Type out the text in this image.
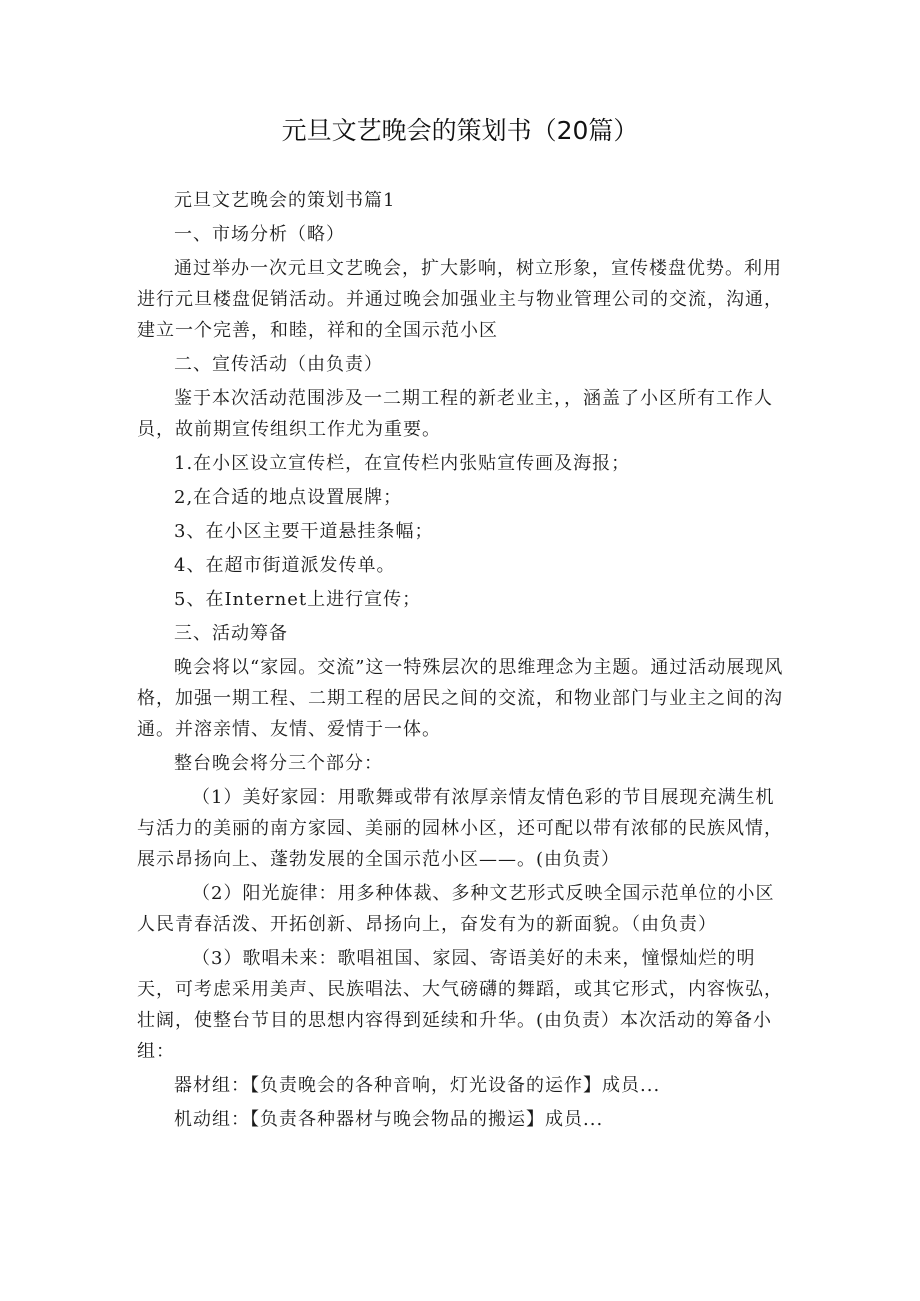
元旦文艺晚会的策划书（20篇）

元旦文艺晚会的策划书篇1

一、市场分析（略）

通过举办一次元旦文艺晚会，扩大影响，树立形象，宣传楼盘优势。利用进行元旦楼盘促销活动。并通过晚会加强业主与物业管理公司的交流，沟通，建立一个完善，和睦，祥和的全国示范小区

二、宣传活动（由负责）

鉴于本次活动范围涉及一二期工程的新老业主，，涵盖了小区所有工作人员，故前期宣传组织工作尤为重要。

1.在小区设立宣传栏，在宣传栏内张贴宣传画及海报；

2,在合适的地点设置展牌；

3、在小区主要干道悬挂条幅；

4、在超市街道派发传单。

5、在Internet上进行宣传；

三、活动筹备

晚会将以“家园。交流”这一特殊层次的思维理念为主题。通过活动展现风格，加强一期工程、二期工程的居民之间的交流，和物业部门与业主之间的沟通。并溶亲情、友情、爱情于一体。

整台晚会将分三个部分：

（1）美好家园：用歌舞或带有浓厚亲情友情色彩的节目展现充满生机与活力的美丽的南方家园、美丽的园林小区，还可配以带有浓郁的民族风情，展示昂扬向上、蓬勃发展的全国示范小区——。(由负责）

（2）阳光旋律：用多种体裁、多种文艺形式反映全国示范单位的小区人民青春活泼、开拓创新、昂扬向上，奋发有为的新面貌。（由负责）

（3）歌唱未来：歌唱祖国、家园、寄语美好的未来，憧憬灿烂的明天，可考虑采用美声、民族唱法、大气磅礴的舞蹈，或其它形式，内容恢弘，壮阔，使整台节目的思想内容得到延续和升华。(由负责）本次活动的筹备小组：

器材组：【负责晚会的各种音响，灯光设备的运作】成员...

机动组：【负责各种器材与晚会物品的搬运】成员...
